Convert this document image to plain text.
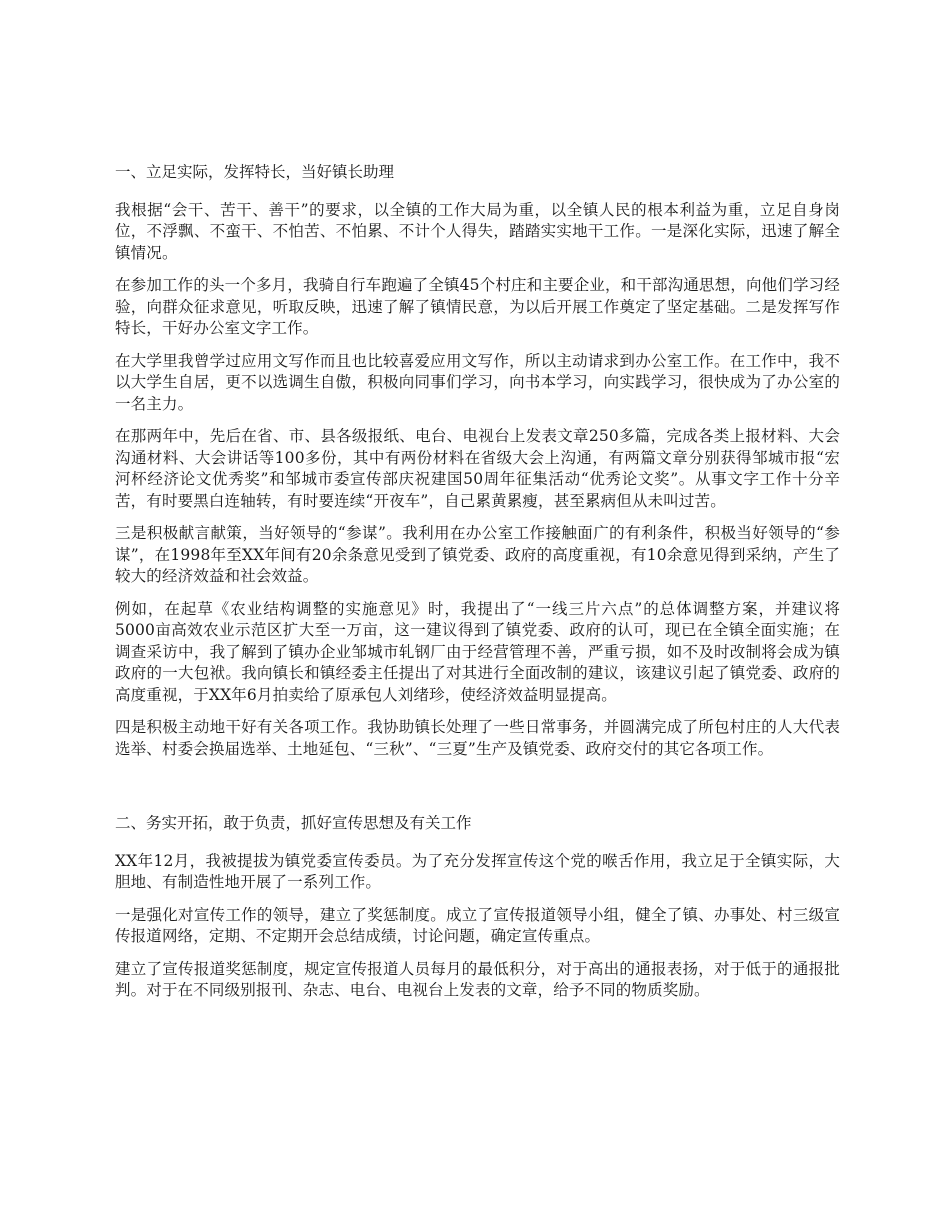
一、立足实际，发挥特长，当好镇长助理

我根据“会干、苦干、善干”的要求，以全镇的工作大局为重，以全镇人民的根本利益为重，立足自身岗位，不浮飘、不蛮干、不怕苦、不怕累、不计个人得失，踏踏实实地干工作。一是深化实际，迅速了解全镇情况。

在参加工作的头一个多月，我骑自行车跑遍了全镇45个村庄和主要企业，和干部沟通思想，向他们学习经验，向群众征求意见，听取反映，迅速了解了镇情民意，为以后开展工作奠定了坚定基础。二是发挥写作特长，干好办公室文字工作。

在大学里我曾学过应用文写作而且也比较喜爱应用文写作，所以主动请求到办公室工作。在工作中，我不以大学生自居，更不以选调生自傲，积极向同事们学习，向书本学习，向实践学习，很快成为了办公室的一名主力。

在那两年中，先后在省、市、县各级报纸、电台、电视台上发表文章250多篇，完成各类上报材料、大会沟通材料、大会讲话等100多份，其中有两份材料在省级大会上沟通，有两篇文章分别获得邹城市报“宏河杯经济论文优秀奖”和邹城市委宣传部庆祝建国50周年征集活动“优秀论文奖”。从事文字工作十分辛苦，有时要黑白连轴转，有时要连续“开夜车”，自己累黄累瘦，甚至累病但从未叫过苦。

三是积极献言献策，当好领导的“参谋”。我利用在办公室工作接触面广的有利条件，积极当好领导的“参谋”，在1998年至XX年间有20余条意见受到了镇党委、政府的高度重视，有10余意见得到采纳，产生了较大的经济效益和社会效益。

例如，在起草《农业结构调整的实施意见》时，我提出了“一线三片六点”的总体调整方案，并建议将5000亩高效农业示范区扩大至一万亩，这一建议得到了镇党委、政府的认可，现已在全镇全面实施；在调查采访中，我了解到了镇办企业邹城市轧钢厂由于经营管理不善，严重亏损，如不及时改制将会成为镇政府的一大包袱。我向镇长和镇经委主任提出了对其进行全面改制的建议，该建议引起了镇党委、政府的高度重视，于XX年6月拍卖给了原承包人刘绪珍，使经济效益明显提高。

四是积极主动地干好有关各项工作。我协助镇长处理了一些日常事务，并圆满完成了所包村庄的人大代表选举、村委会换届选举、土地延包、“三秋”、“三夏”生产及镇党委、政府交付的其它各项工作。

二、务实开拓，敢于负责，抓好宣传思想及有关工作

XX年12月，我被提拔为镇党委宣传委员。为了充分发挥宣传这个党的喉舌作用，我立足于全镇实际，大胆地、有制造性地开展了一系列工作。

一是强化对宣传工作的领导，建立了奖惩制度。成立了宣传报道领导小组，健全了镇、办事处、村三级宣传报道网络，定期、不定期开会总结成绩，讨论问题，确定宣传重点。

建立了宣传报道奖惩制度，规定宣传报道人员每月的最低积分，对于高出的通报表扬，对于低于的通报批判。对于在不同级别报刊、杂志、电台、电视台上发表的文章，给予不同的物质奖励。
